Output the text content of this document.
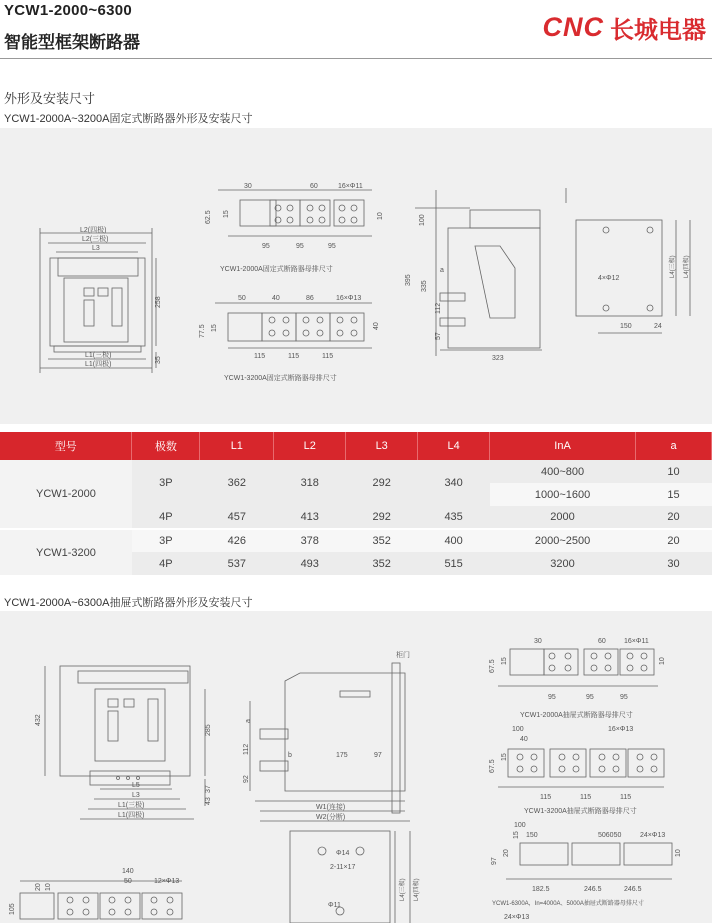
YCW1-2000~6300
智能型框架断路器
CNC 长城电器
外形及安装尺寸
YCW1-2000A~3200A固定式断路器外形及安装尺寸
L2(四极)
L2(三极)
L3
L1(三极)
L1(四极)
258
35
30	60	16×Φ11
95	95	95
62.5 15	10
YCW1-2000A固定式断路器母排尺寸
50	40	86	16×Φ13
115	115	115
77.5 15	40
YCW1-3200A固定式断路器母排尺寸
100
395
335
112
57
a
323
4×Φ12
150	24
L4(三极)	L4(四极)
型号	极数	L1	L2	L3	L4	InA	a
YCW1-2000	3P	362	318	292	340	400~800	10
						1000~1600	15
	4P	457	413	292	435	2000	20
YCW1-3200	3P	426	378	352	400	2000~2500	20
	4P	537	493	352	515	3200	30
YCW1-2000A~6300A抽屉式断路器外形及安装尺寸
432
285
37
43
L5
L3
L1(三极)
L1(四极)
柜门
a
b	175	97
112
92
W1(连接)
W2(分断)
Φ14
2-11×17
Φ11
L4(三极)	L4(四极)
30	60	16×Φ11
95	95	95
67.5 15	10
YCW1-2000A抽屉式断路器母排尺寸
100
40
16×Φ13
115	115	115
67.5
15
YCW1-3200A抽屉式断路器母排尺寸
100
150	506050	24×Φ13
182.5	246.5	246.5
97
20
15
10
YCW1-6300A，In=4000A、5000A抽屉式断路器母排尺寸
24×Φ13
140
50	12×Φ13
105
20 10
